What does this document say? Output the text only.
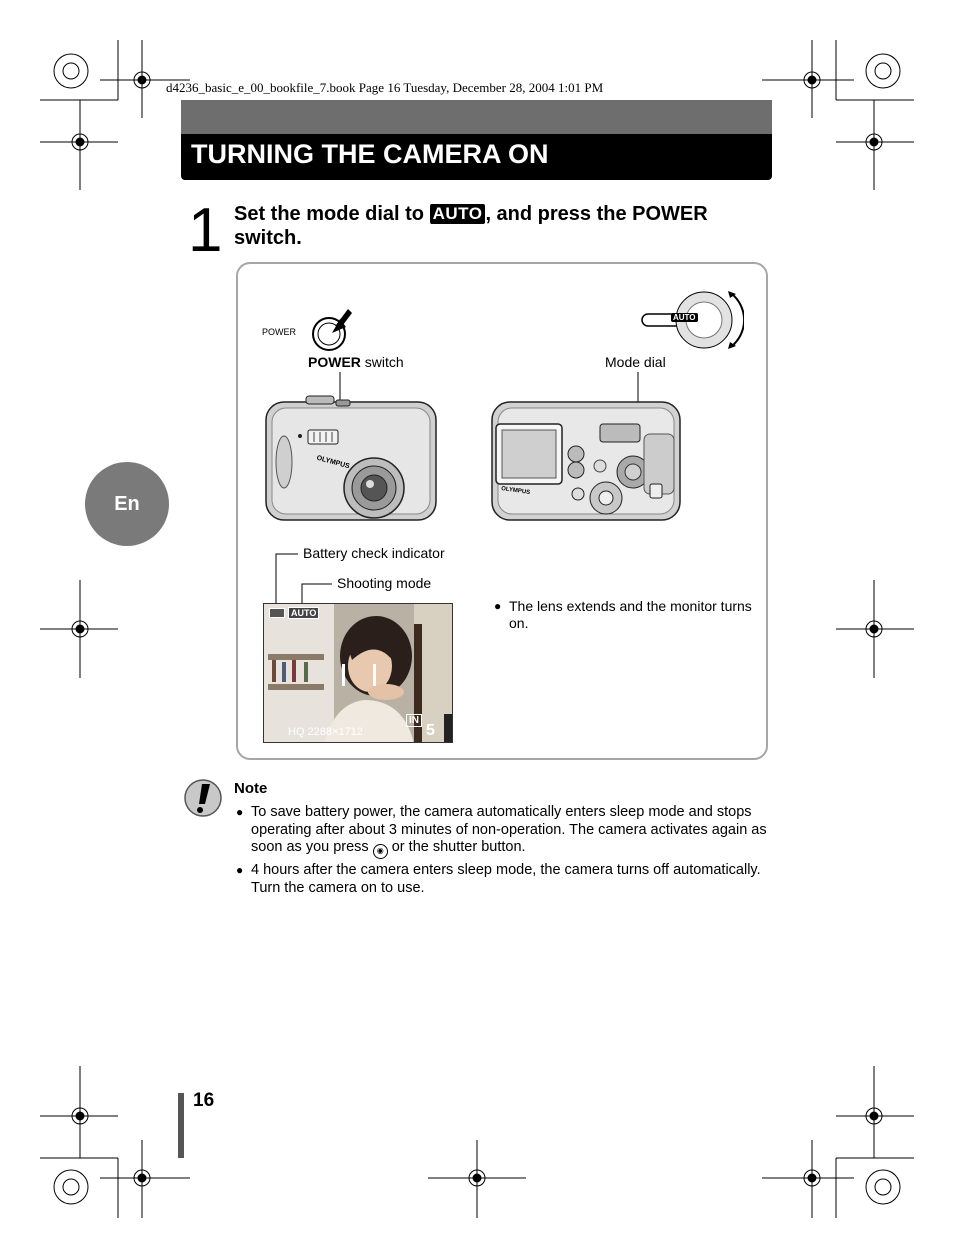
d4236_basic_e_00_bookfile_7.book Page 16 Tuesday, December 28, 2004 1:01 PM
TURNING THE CAMERA ON
En
1 Set the mode dial to AUTO , and press the POWER switch.
POWER
POWER switch	Mode dial
AUTO
OLYMPUS
OLYMPUS
Battery check indicator
Shooting mode
AUTO
IN
HQ 2288×1712	5
● The lens extends and the monitor turns on.
Note
● To save battery power, the camera automatically enters sleep mode and stops operating after about 3 minutes of non-operation. The camera activates again as soon as you press ◉ or the shutter button.
● 4 hours after the camera enters sleep mode, the camera turns off automatically. Turn the camera on to use.
16
